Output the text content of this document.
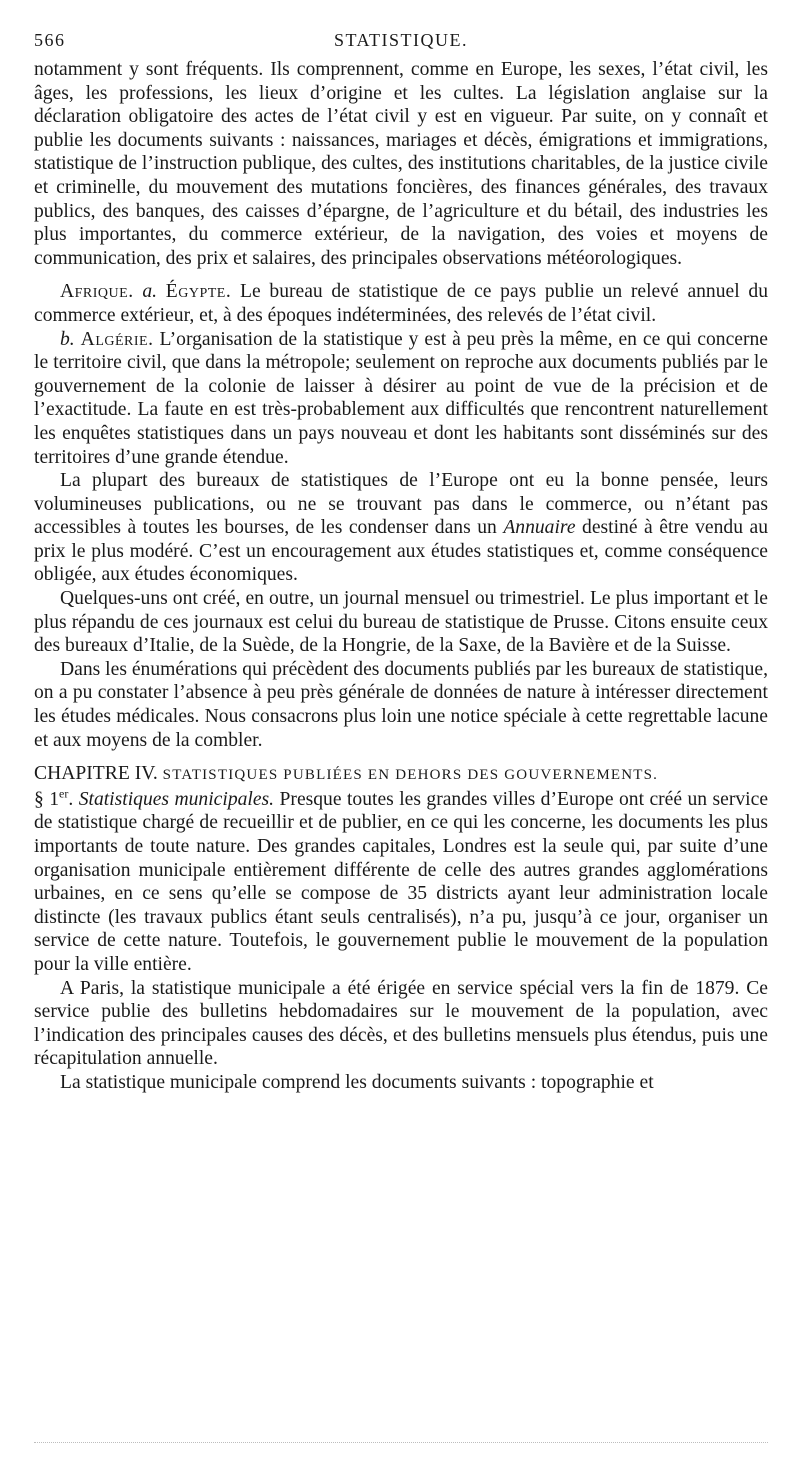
566	STATISTIQUE.

notamment y sont fréquents. Ils comprennent, comme en Europe, les sexes, l’état civil, les âges, les professions, les lieux d’origine et les cultes. La législation anglaise sur la déclaration obligatoire des actes de l’état civil y est en vigueur. Par suite, on y connaît et publie les documents suivants : naissances, mariages et décès, émigrations et immigrations, statistique de l’instruction publique, des cultes, des institutions charitables, de la justice civile et criminelle, du mouvement des mutations foncières, des finances générales, des travaux publics, des banques, des caisses d’épargne, de l’agriculture et du bétail, des industries les plus importantes, du commerce extérieur, de la navigation, des voies et moyens de communication, des prix et salaires, des principales observations météorologiques.

Afrique. a. Égypte. Le bureau de statistique de ce pays publie un relevé annuel du commerce extérieur, et, à des époques indéterminées, des relevés de l’état civil.

b. Algérie. L’organisation de la statistique y est à peu près la même, en ce qui concerne le territoire civil, que dans la métropole; seulement on reproche aux documents publiés par le gouvernement de la colonie de laisser à désirer au point de vue de la précision et de l’exactitude. La faute en est très-probablement aux difficultés que rencontrent naturellement les enquêtes statistiques dans un pays nouveau et dont les habitants sont disséminés sur des territoires d’une grande étendue.

La plupart des bureaux de statistiques de l’Europe ont eu la bonne pensée, leurs volumineuses publications, ou ne se trouvant pas dans le commerce, ou n’étant pas accessibles à toutes les bourses, de les condenser dans un Annuaire destiné à être vendu au prix le plus modéré. C’est un encouragement aux études statistiques et, comme conséquence obligée, aux études économiques.

Quelques-uns ont créé, en outre, un journal mensuel ou trimestriel. Le plus important et le plus répandu de ces journaux est celui du bureau de statistique de Prusse. Citons ensuite ceux des bureaux d’Italie, de la Suède, de la Hongrie, de la Saxe, de la Bavière et de la Suisse.

Dans les énumérations qui précèdent des documents publiés par les bureaux de statistique, on a pu constater l’absence à peu près générale de données de nature à intéresser directement les études médicales. Nous consacrons plus loin une notice spéciale à cette regrettable lacune et aux moyens de la combler.

CHAPITRE IV. STATISTIQUES PUBLIÉES EN DEHORS DES GOUVERNEMENTS.

§ 1er. Statistiques municipales. Presque toutes les grandes villes d’Europe ont créé un service de statistique chargé de recueillir et de publier, en ce qui les concerne, les documents les plus importants de toute nature. Des grandes capitales, Londres est la seule qui, par suite d’une organisation municipale entièrement différente de celle des autres grandes agglomérations urbaines, en ce sens qu’elle se compose de 35 districts ayant leur administration locale distincte (les travaux publics étant seuls centralisés), n’a pu, jusqu’à ce jour, organiser un service de cette nature. Toutefois, le gouvernement publie le mouvement de la population pour la ville entière.

A Paris, la statistique municipale a été érigée en service spécial vers la fin de 1879. Ce service publie des bulletins hebdomadaires sur le mouvement de la population, avec l’indication des principales causes des décès, et des bulletins mensuels plus étendus, puis une récapitulation annuelle.

La statistique municipale comprend les documents suivants : topographie et
